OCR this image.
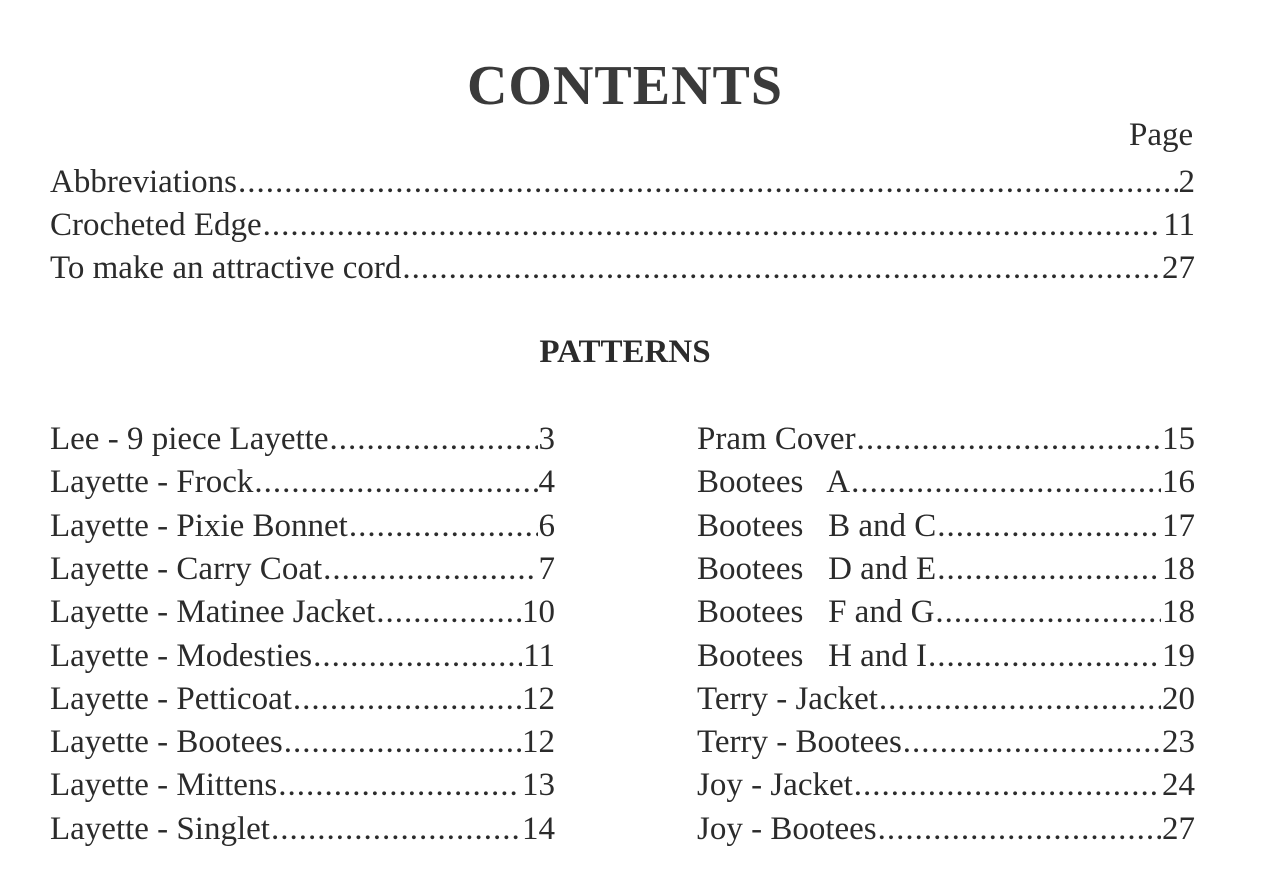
CONTENTS
Page
Abbreviations .....	2
Crocheted Edge .....	11
To make an attractive cord .....	27
PATTERNS
Lee - 9 piece Layette .....	3
Layette - Frock .....	4
Layette - Pixie Bonnet .....	6
Layette - Carry Coat .....	7
Layette - Matinee Jacket .....	10
Layette - Modesties .....	11
Layette - Petticoat .....	12
Layette - Bootees .....	12
Layette - Mittens .....	13
Layette - Singlet .....	14
Pram Cover .....	15
Bootees   A .....	16
Bootees   B and C .....	17
Bootees   D and E .....	18
Bootees   F and G .....	18
Bootees   H and I .....	19
Terry - Jacket .....	20
Terry - Bootees .....	23
Joy - Jacket .....	24
Joy - Bootees .....	27
